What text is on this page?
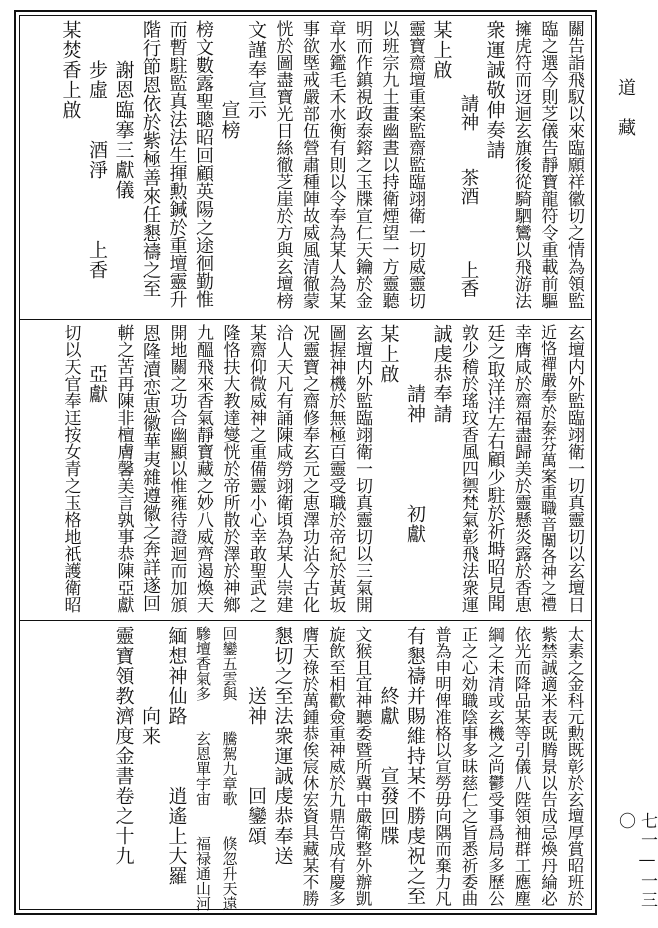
關告詣飛馭以來臨願祥徽切之情為領監
臨之選今則芝儀告靜寶龍符令重載前驅
擁虎符而迓迴玄旗後從騎駟鸞以飛游法
衆運誠敬伸奏請
　　　　請神　　茶酒　　　上香
某上啟
靈寶齋壇重案監齋監臨翊衛一切威靈切
以班宗九土畫幽晝以持衛煙望一方靈聽
明而作鎮視政泰鎔之玉牒宣仁天鑰於金
章水鑑毛禾水衡有則以令奉為某人為某
事欲塈戒嚴部伍營肅種陣故威風清徹蒙
恍於圖盡寶光日絲徹芝崖於方與玄壇榜
文謹奉宣示
　　　　宣榜
榜文數露聖聰昭回顧英陽之途徊勤惟
而暫駐監真法法生揮勲鍼於重壇靈升
階行節恩依於紫極善來任懇禱之至
　　謝恩臨搴三獻儀
　　步虛　　酒淨　　　上香
某焚香上啟
玄壇内外監臨翊衛一切真靈切以玄壇日
近恪禪嚴奉於泰芬萬案重職音闈各神之禮
幸膺咸於齋福盡歸美於靈懸炎露於香恵
廷之取洋洋左右顧少駐於祈塒昭見聞
敦少稽於瑤玟香風四禦梵氣彰飛法衆運
誠虔恭奉請
　　　請神　　　　初獻
某上啟
玄壇内外監臨翊衛一切真靈切以三氣開
圖握神機於無極百靈受職於帝紀於黃坂
况靈寶之齋修奉玄元之恵澤功沾今古化
洽人天凡有誦陳咸勞翊衛頃為某人崇建
某齋仰微威神之重備靈小心幸敢聖武之
隆恪扶大教達燮恍於帝所散於澤於神鄉
九醞飛來香氣靜寶藏之妙八威齊遏煥天
開地關之功合幽顯以惟雍待證迴而加頒
恩隆瀆恋恵徽華夷雜遵徽之奔詳遂回
輧之苦再陳非檀膚馨美言孰事恭陳亞獻
　　亞獻
切以天官奉迋按女青之玉格地祇護衛昭
太素之金科元勲既彰於玄壇厚賞昭班於
紫禁誠適米表既腾景以告成忌煥丹綸必
依光而降品某等引儀八陛領袖群工應塵
綱之未清或玄機之尚鬱受事爲局多歷公
正之心効職陰事多昧慈仁之旨悉祈委曲
普為申明俾准格以宣勞毋向隅而棄力凡
有懇禱并賜維持某不勝虔祝之至
　　　終獻　　宣發回牒
文猴且宜神聽委暨所冀中嚴衛整外辦凱
旋飲至相歡僉重神威於九鼎告成有慶多
膺天祿於萬鍾恭俟宸休宏資具藏某不勝
懇切之至法衆運誠虔恭奉送
　　　送神　　　回鑾頌
回鑾五雲與　　騰駕九章歌　　倏忽升天遠
驂壇香氣多　　玄恩單宇宙　　福禄通山河
緬想神仙路　　　逍遙上大羅
　　　　向来
靈寶領教濟度金書卷之十九
道藏
七一—一三〇
